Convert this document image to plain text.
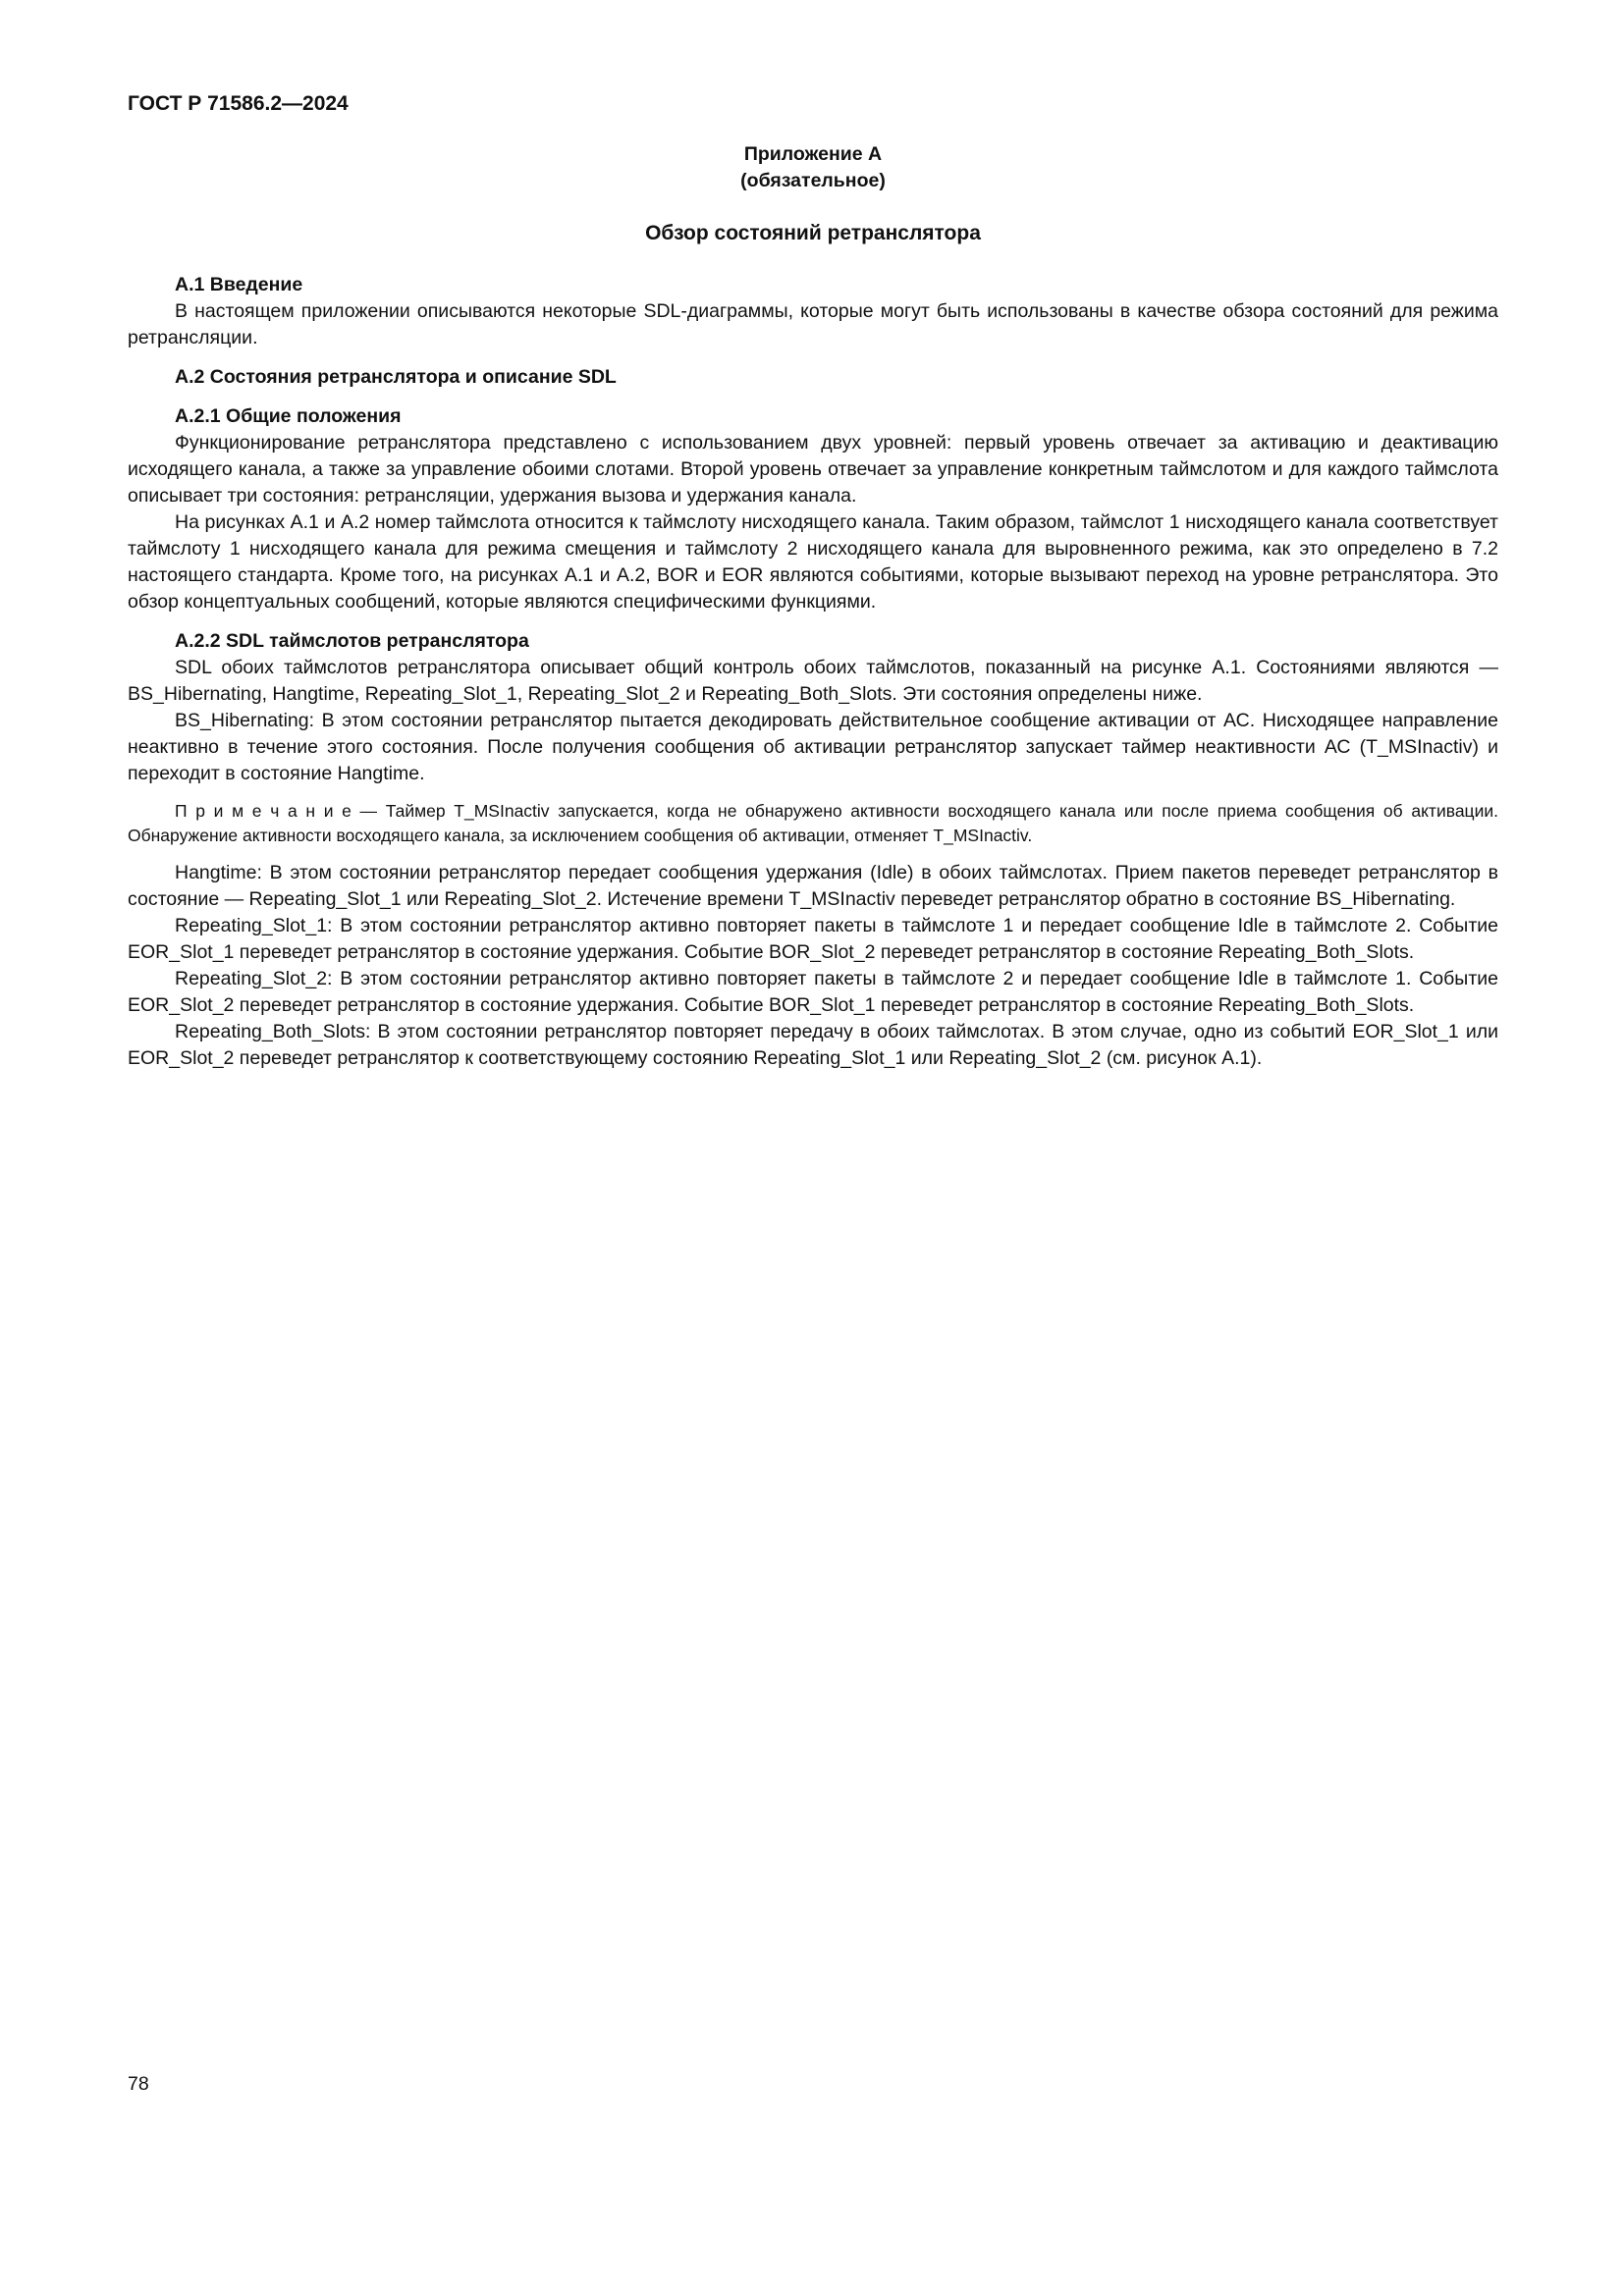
ГОСТ Р 71586.2—2024

Приложение А

(обязательное)

Обзор состояний ретранслятора

А.1 Введение

В настоящем приложении описываются некоторые SDL-диаграммы, которые могут быть использованы в качестве обзора состояний для режима ретрансляции.

А.2 Состояния ретранслятора и описание SDL

А.2.1 Общие положения

Функционирование ретранслятора представлено с использованием двух уровней: первый уровень отвечает за активацию и деактивацию исходящего канала, а также за управление обоими слотами. Второй уровень отвечает за управление конкретным таймслотом и для каждого таймслота описывает три состояния: ретрансляции, удержания вызова и удержания канала.

На рисунках А.1 и А.2 номер таймслота относится к таймслоту нисходящего канала. Таким образом, таймслот 1 нисходящего канала соответствует таймслоту 1 нисходящего канала для режима смещения и таймслоту 2 нисходящего канала для выровненного режима, как это определено в 7.2 настоящего стандарта. Кроме того, на рисунках А.1 и А.2, BOR и EOR являются событиями, которые вызывают переход на уровне ретранслятора. Это обзор концептуальных сообщений, которые являются специфическими функциями.

А.2.2 SDL таймслотов ретранслятора

SDL обоих таймслотов ретранслятора описывает общий контроль обоих таймслотов, показанный на рисунке А.1. Состояниями являются — BS_Hibernating, Hangtime, Repeating_Slot_1, Repeating_Slot_2 и Repeating_Both_Slots. Эти состояния определены ниже.

BS_Hibernating: В этом состоянии ретранслятор пытается декодировать действительное сообщение активации от АС. Нисходящее направление неактивно в течение этого состояния. После получения сообщения об активации ретранслятор запускает таймер неактивности АС (T_MSInactiv) и переходит в состояние Hangtime.

П р и м е ч а н и е — Таймер T_MSInactiv запускается, когда не обнаружено активности восходящего канала или после приема сообщения об активации. Обнаружение активности восходящего канала, за исключением сообщения об активации, отменяет T_MSInactiv.

Hangtime: В этом состоянии ретранслятор передает сообщения удержания (Idle) в обоих таймслотах. Прием пакетов переведет ретранслятор в состояние — Repeating_Slot_1 или Repeating_Slot_2. Истечение времени T_MSInactiv переведет ретранслятор обратно в состояние BS_Hibernating.

Repeating_Slot_1: В этом состоянии ретранслятор активно повторяет пакеты в таймслоте 1 и передает сообщение Idle в таймслоте 2. Событие EOR_Slot_1 переведет ретранслятор в состояние удержания. Событие BOR_Slot_2 переведет ретранслятор в состояние Repeating_Both_Slots.

Repeating_Slot_2: В этом состоянии ретранслятор активно повторяет пакеты в таймслоте 2 и передает сообщение Idle в таймслоте 1. Событие EOR_Slot_2 переведет ретранслятор в состояние удержания. Событие BOR_Slot_1 переведет ретранслятор в состояние Repeating_Both_Slots.

Repeating_Both_Slots: В этом состоянии ретранслятор повторяет передачу в обоих таймслотах. В этом случае, одно из событий EOR_Slot_1 или EOR_Slot_2 переведет ретранслятор к соответствующему состоянию Repeating_Slot_1 или Repeating_Slot_2 (см. рисунок А.1).

78
